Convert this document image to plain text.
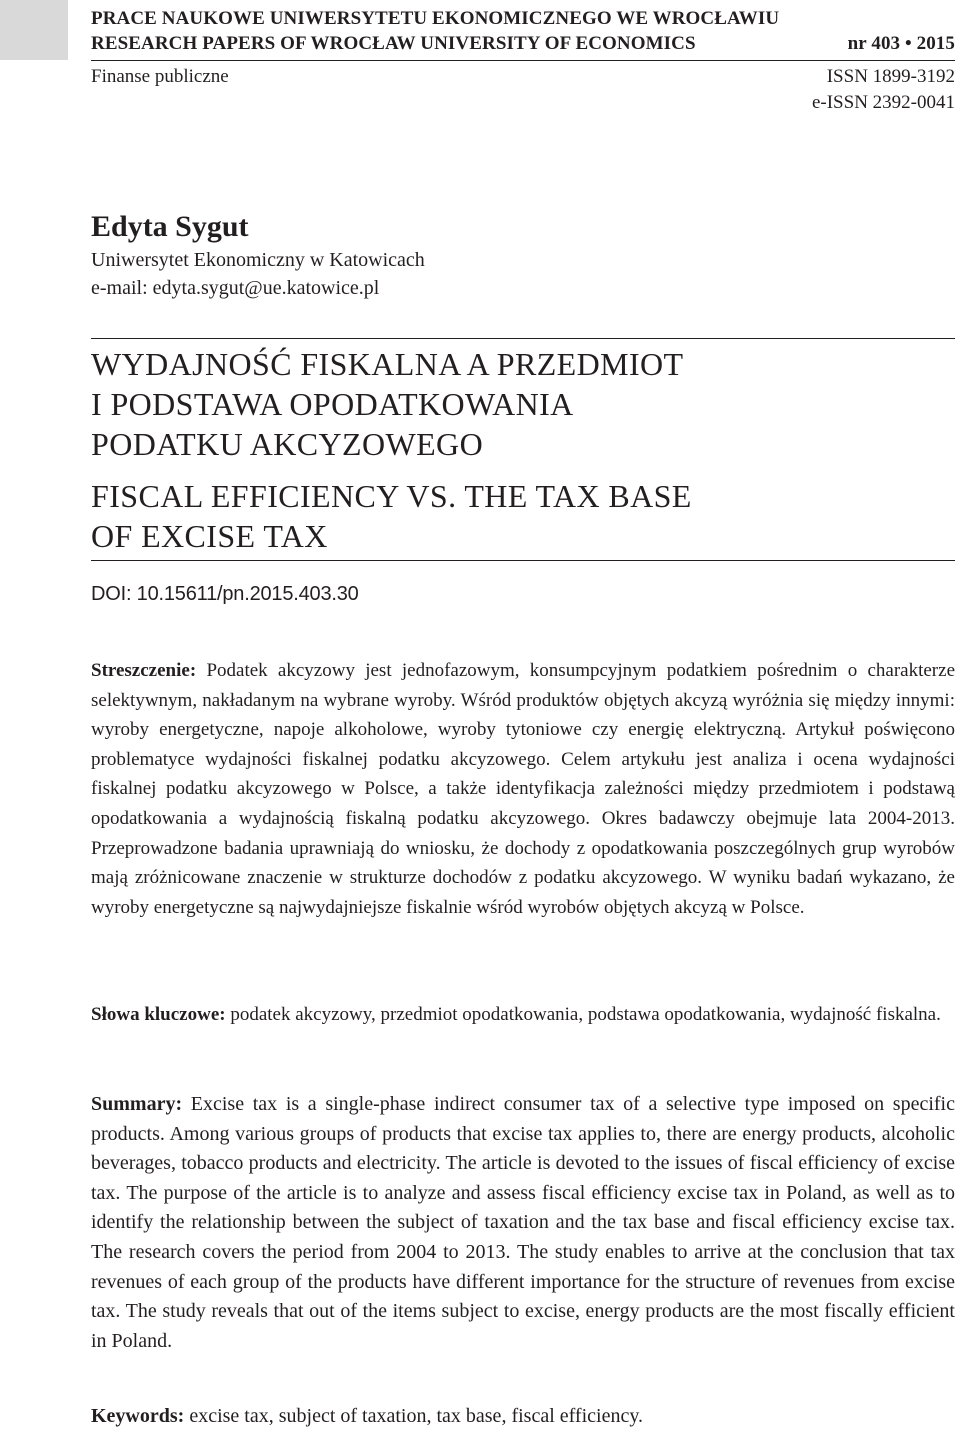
PRACE NAUKOWE UNIWERSYTETU EKONOMICZNEGO WE WROCŁAWIU
RESEARCH PAPERS OF WROCŁAW UNIVERSITY OF ECONOMICS	nr 403 • 2015
Finanse publiczne	ISSN 1899-3192
e-ISSN 2392-0041
Edyta Sygut
Uniwersytet Ekonomiczny w Katowicach
e-mail: edyta.sygut@ue.katowice.pl
WYDAJNOŚĆ FISKALNA A PRZEDMIOT
I PODSTAWA OPODATKOWANIA
PODATKU AKCYZOWEGO
FISCAL EFFICIENCY VS. THE TAX BASE
OF EXCISE TAX
DOI: 10.15611/pn.2015.403.30

Streszczenie: Podatek akcyzowy jest jednofazowym, konsumpcyjnym podatkiem pośrednim o charakterze selektywnym, nakładanym na wybrane wyroby. Wśród produktów objętych akcyzą wyróżnia się między innymi: wyroby energetyczne, napoje alkoholowe, wyroby tytoniowe czy energię elektryczną. Artykuł poświęcono problematyce wydajności fiskalnej podatku akcyzowego. Celem artykułu jest analiza i ocena wydajności fiskalnej podatku akcyzowego w Polsce, a także identyfikacja zależności między przedmiotem i podstawą opodatkowania a wydajnością fiskalną podatku akcyzowego. Okres badawczy obejmuje lata 2004-2013. Przeprowadzone badania uprawniają do wniosku, że dochody z opodatkowania poszczególnych grup wyrobów mają zróżnicowane znaczenie w strukturze dochodów z podatku akcyzowego. W wyniku badań wykazano, że wyroby energetyczne są najwydajniejsze fiskalnie wśród wyrobów objętych akcyzą w Polsce.

Słowa kluczowe: podatek akcyzowy, przedmiot opodatkowania, podstawa opodatkowania, wydajność fiskalna.

Summary: Excise tax is a single-phase indirect consumer tax of a selective type imposed on specific products. Among various groups of products that excise tax applies to, there are energy products, alcoholic beverages, tobacco products and electricity. The article is devoted to the issues of fiscal efficiency of excise tax. The purpose of the article is to analyze and assess fiscal efficiency excise tax in Poland, as well as to identify the relationship between the subject of taxation and the tax base and fiscal efficiency excise tax. The research covers the period from 2004 to 2013. The study enables to arrive at the conclusion that tax revenues of each group of the products have different importance for the structure of revenues from excise tax. The study reveals that out of the items subject to excise, energy products are the most fiscally efficient in Poland.

Keywords: excise tax, subject of taxation, tax base, fiscal efficiency.
